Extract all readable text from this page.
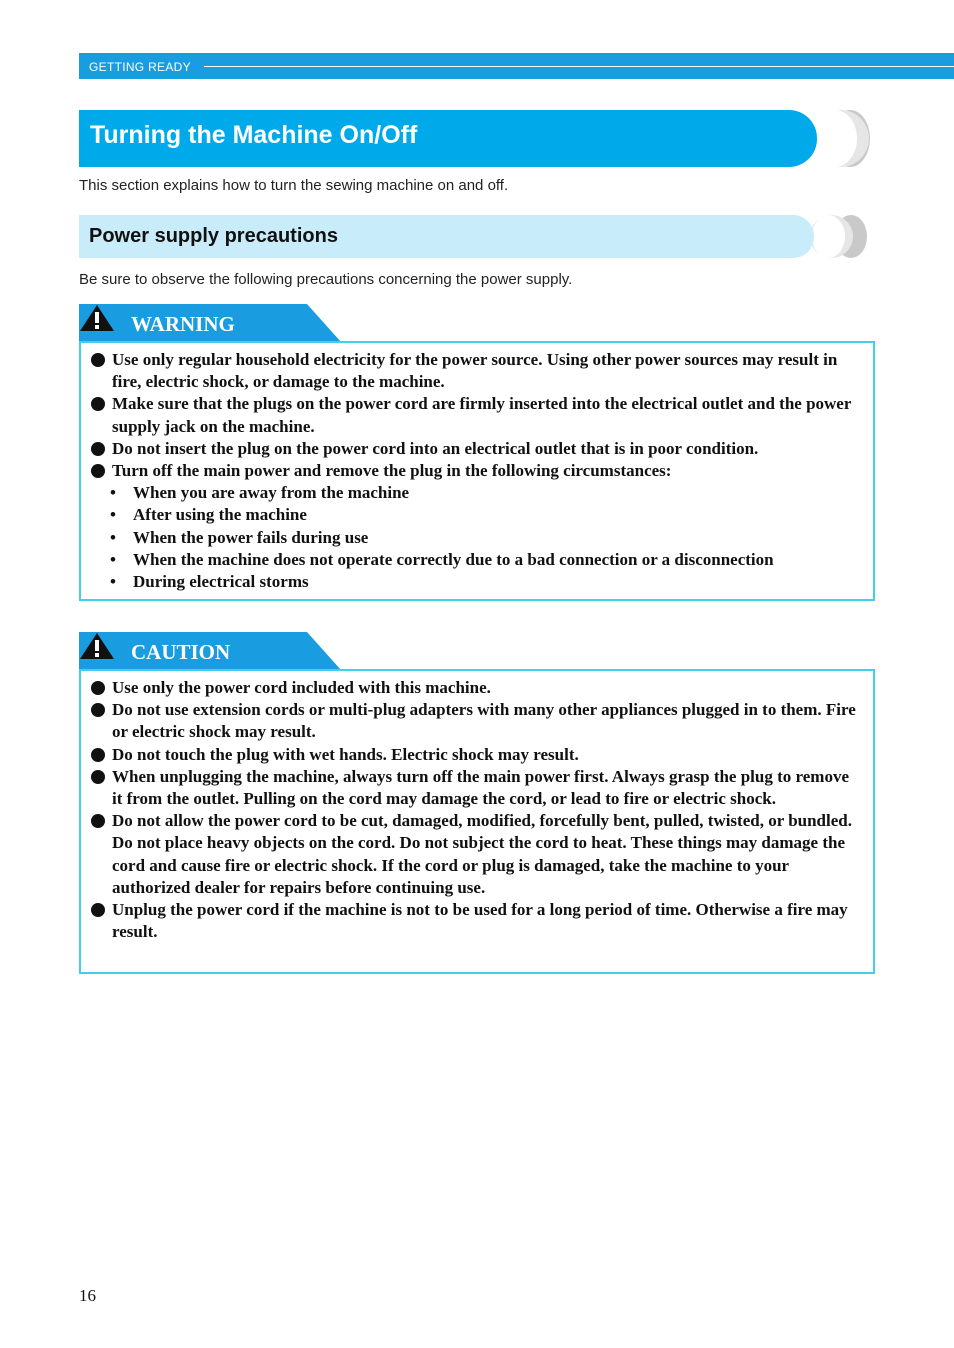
GETTING READY
Turning the Machine On/Off
This section explains how to turn the sewing machine on and off.
Power supply precautions
Be sure to observe the following precautions concerning the power supply.
WARNING
Use only regular household electricity for the power source. Using other power sources may result in fire, electric shock, or damage to the machine.
Make sure that the plugs on the power cord are firmly inserted into the electrical outlet and the power supply jack on the machine.
Do not insert the plug on the power cord into an electrical outlet that is in poor condition.
Turn off the main power and remove the plug in the following circumstances:
• When you are away from the machine
• After using the machine
• When the power fails during use
• When the machine does not operate correctly due to a bad connection or a disconnection
• During electrical storms
CAUTION
Use only the power cord included with this machine.
Do not use extension cords or multi-plug adapters with many other appliances plugged in to them. Fire or electric shock may result.
Do not touch the plug with wet hands. Electric shock may result.
When unplugging the machine, always turn off the main power first. Always grasp the plug to remove it from the outlet. Pulling on the cord may damage the cord, or lead to fire or electric shock.
Do not allow the power cord to be cut, damaged, modified, forcefully bent, pulled, twisted, or bundled. Do not place heavy objects on the cord. Do not subject the cord to heat. These things may damage the cord and cause fire or electric shock. If the cord or plug is damaged, take the machine to your authorized dealer for repairs before continuing use.
Unplug the power cord if the machine is not to be used for a long period of time. Otherwise a fire may result.
16
